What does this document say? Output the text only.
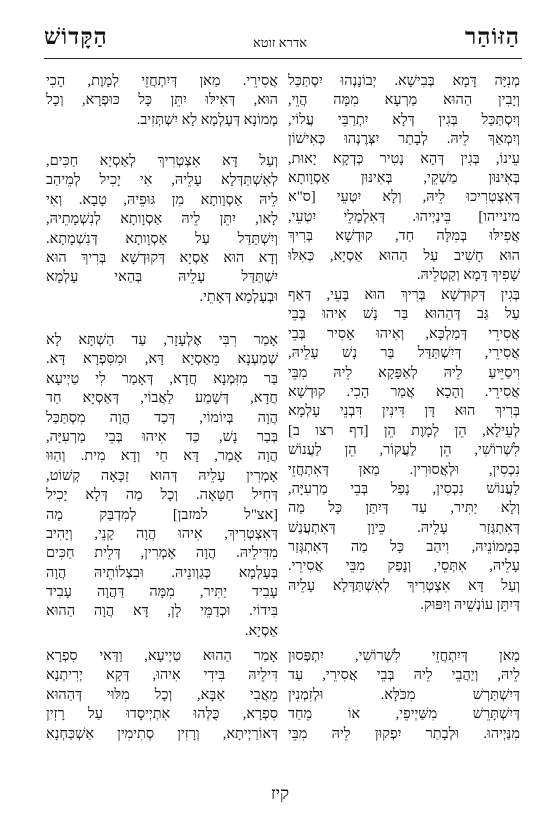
הַזּוֹהַר
אדרא זוטא
הַקָּדוֹשׁ
מְנִיָּה דָּמָא בְּבִישָׁא. יְבוֹנָנְהוּ יִסְתַּכַּל
וְיָבִין הַהוּא מַרְעָא מִמָּה הֲוֵי,
וְיִסְתַּכַּל בְּגִין דְּלָא יִתְרַבֵּי עֲלוֹי,
וְיִמְאַךְ לֵיהּ. לְבָתַר יִצְּרֶנְהוּ כְּאִישׁוֹן
עֵינוֹ, בְּגִין דְּהָא נָטִיר כְּדְקָא יָאוּת,
בְּאִינּוּן מַשְׁקֵי, בְּאִינּוּן אַסְוָותָא
דְּאִצְטְרִיכוּ לֵיהּ, וְלָא יִטְעֵי [ס"א
מינייהו] בֵּינַיְיהוּ. דְּאִלְמָלֵי יִטְעֵי,
אֲפִילּוּ בְּמִלָּה חַד, קוּדְשָׁא בְּרִיךְ
הוּא חָשִׁיב עַל הַהוּא אַסְיָא, כְּאִלּוּ
שָׁפִיךְ דָּמָא וְקַטְלֵיהּ.
בְּגִין דְּקוּדְשָׁא בְּרִיךְ הוּא בָּעֵי, דְּאַף
עַל גַּב דְּהַהוּא בַּר נָשׁ אִיהוּ בְּבֵי
אֲסִירֵי דְּמַלְכָּא, וְאִיהוּ אָסִיר בְּבֵי
אֲסִירֵי, דְּיִשְׁתַּדַּל בַּר נָשׁ עָלֵיהּ,
וִיסַיֵּיעַ לֵיהּ לְאַפָּקָא לֵיהּ מִבֵּי
אֲסִירֵי. וְהָכָא אֲמַר הָכִי. קוּדְשָׁא
בְּרִיךְ הוּא דָּן דִּינִין דִּבְנֵי עָלְמָא
לְעֵילָא, הֵן לְמָוֶת הֵן [דף רצו ב]
לִשְׁרוֹשִׁי, הֵן לַעֲקוֹר, הֵן לַעֲנוֹשׁ
נִכְסִין, וּלְאֲסוּרִין. מַאן דְּאִתְחֲזֵי
לַעֲנוֹשׁ נִכְסִין, נָפַל בְּבֵי מַרְעִיָּה,
וְלָא יַתִּיר, עַד דְּיִתַּן כָּל מַה
דְּאִתְגְּזַר עָלֵיהּ. כֵּיוָן דְּאִתְעֲנַשׁ
בְּמָמוֹנֵיהּ, וִיהַב כָּל מַה דְּאִתְגְּזַר
עָלֵיהּ, אִתְּסֵי, וְנָפַק מִבֵּי אֲסִירֵי.
וְעַל דָּא אִצְטְרִיךְ לְאִשְׁתַּדְּלָא עָלֵיהּ
דְּיִתֵּן עוֹנְשֵׁיהּ וְיִפּוּק.
מַאן דְּיִתְחֲזֵי לִשְׁרוֹשִׁי, יִתְפְּסוּן
לֵיהּ, וְיַהֲבֵי לֵיהּ בְּבֵי אֲסִירֵי, עַד
דְּיִשְׁתַּרְשׁ מִכֹּלָּא. וּלְזִמְנִין
דְּיִשְׁתָּרֵשׁ מִשַּׁיְיפֵי, אוֹ מֵחַד
מִנַּיְיהוּ. וּלְבָתַר יִפְקוּן לֵיהּ מִבֵּי
אֲסִירֵי. מַאן דְּיִתְחֲזֵי לְמָוֶת, הָכִי
הוּא, דְּאִילּוּ יִתֵּן כָּל כּוּפְרָא, וְכָל
מָמוֹנָא דְּעָלְמָא לָא יִשְׁתְּזִיב.
וְעַל דָּא אִצְטְרִיךְ לְאַסְיָא חַכִּים,
לְאִשְׁתַּדְּלָא עָלֵיהּ, אִי יָכִיל לְמֵיהַב
לֵיהּ אַסְוָותָא מִן גּוּפֵיהּ, טָבָא. וְאִי
לָאו, יִתֵּן לֵיהּ אַסְוָותָא לְנִשְׁמָתֵיהּ,
וְיִשְׁתַּדַּל עַל אַסְוָותָא דְּנִשְׁמָתָא.
וְדָא הוּא אַסְיָא דְּקוּדְשָׁא בְּרִיךְ הוּא
יִשְׁתַּדַּל עָלֵיהּ בְּהַאי עָלְמָא
וּבְעָלְמָא דְּאָתֵי.
אָמַר רִבִּי אֶלְעָזָר, עַד הַשְׁתָּא לָא
שְׁמַעְנָא מֵאַסְיָא דָּא, וּמִסִּפְרָא דָּא.
בַּר מִזִּמְנָא חֲדָא, דְּאָמַר לִי טַיְיעָא
חֲדָא, דְּשָׁמַע לַאֲבוֹי, דְּאַסְיָא חַד
הֲוָה בְּיוֹמוֹי, דְּכַד הֲוָה מִסְתַּכַּל
בְּבַר נָשׁ, כַּד אִיהוּ בְּבֵי מַרְעִיָּה,
הֲוָה אָמַר, דָּא חַי וְדָא מִית. וְהַוּוּ
אָמְרִין עָלֵיהּ דְּהוּא זַכָּאָה קְשׁוֹט,
דְּחִיל חַטָּאָה. וְכָל מַה דְּלָא יָכִיל
[אצ"ל למזבן] לְמִדְבַּק מַה
דְּאִצְטְרִיךְ, אִיהוּ הֲוָה קָנֵי, וְיָהִיב
מִדִּילֵיהּ. הֲוָה אָמְרִין, דְּלֵית חַכִּים
בְּעָלְמָא כְּגַוְונֵיהּ. וּבִצְלוֹתֵיהּ הֲוָה
עָבִיד יַתִּיר, מִמָּה דַּהֲוָה עָבִיד
בִּידוֹי. וּכְדַמֵּי לָן, דָּא הֲוָה הַהוּא
אַסְיָא.
אָמַר הַהוּא טַיְיעָא, וַדַּאי סִפְרָא
דִּילֵיהּ בִּידִי אִיהוּ, דְּקָא יְרִיתְנָא
מֵאֲבִי אַבָּא, וְכָל מִלּוּי דְּהַהוּא
סִפְרָא, כֻּלְּהוּ אִתְיְיסָדוּ עַל רָזִין
דְּאוֹרַיְיתָא, וְרָזִין סְתִימִין אַשְׁכַּחְנָא
קיז
